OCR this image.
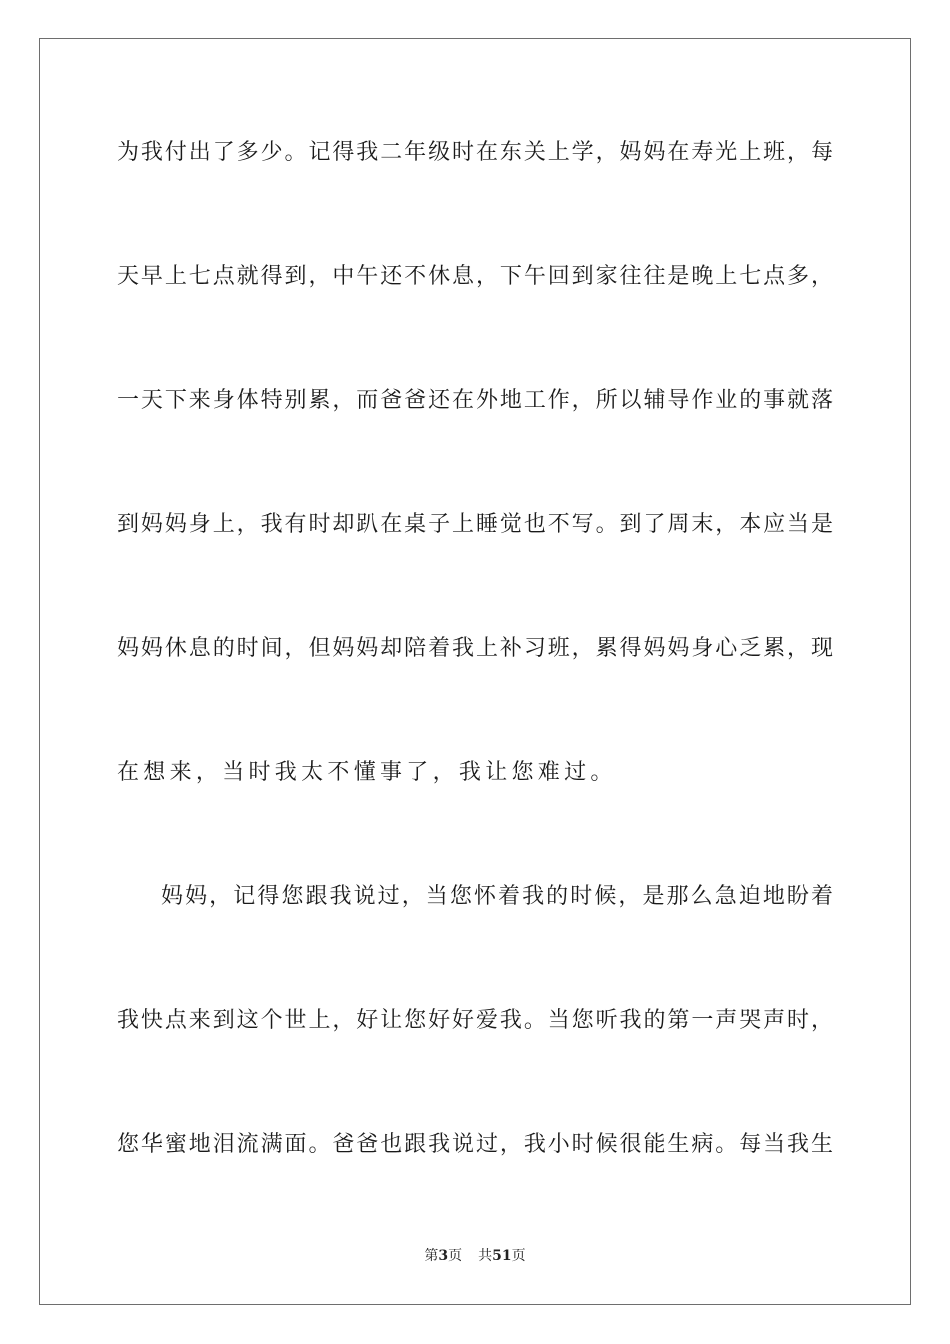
为我付出了多少。记得我二年级时在东关上学，妈妈在寿光上班，每
天早上七点就得到，中午还不休息，下午回到家往往是晚上七点多，
一天下来身体特别累，而爸爸还在外地工作，所以辅导作业的事就落
到妈妈身上，我有时却趴在桌子上睡觉也不写。到了周末，本应当是
妈妈休息的时间，但妈妈却陪着我上补习班，累得妈妈身心乏累，现
在想来，当时我太不懂事了，我让您难过。
妈妈，记得您跟我说过，当您怀着我的时候，是那么急迫地盼着
我快点来到这个世上，好让您好好爱我。当您听我的第一声哭声时，
您华蜜地泪流满面。爸爸也跟我说过，我小时候很能生病。每当我生
第3页 共51页
